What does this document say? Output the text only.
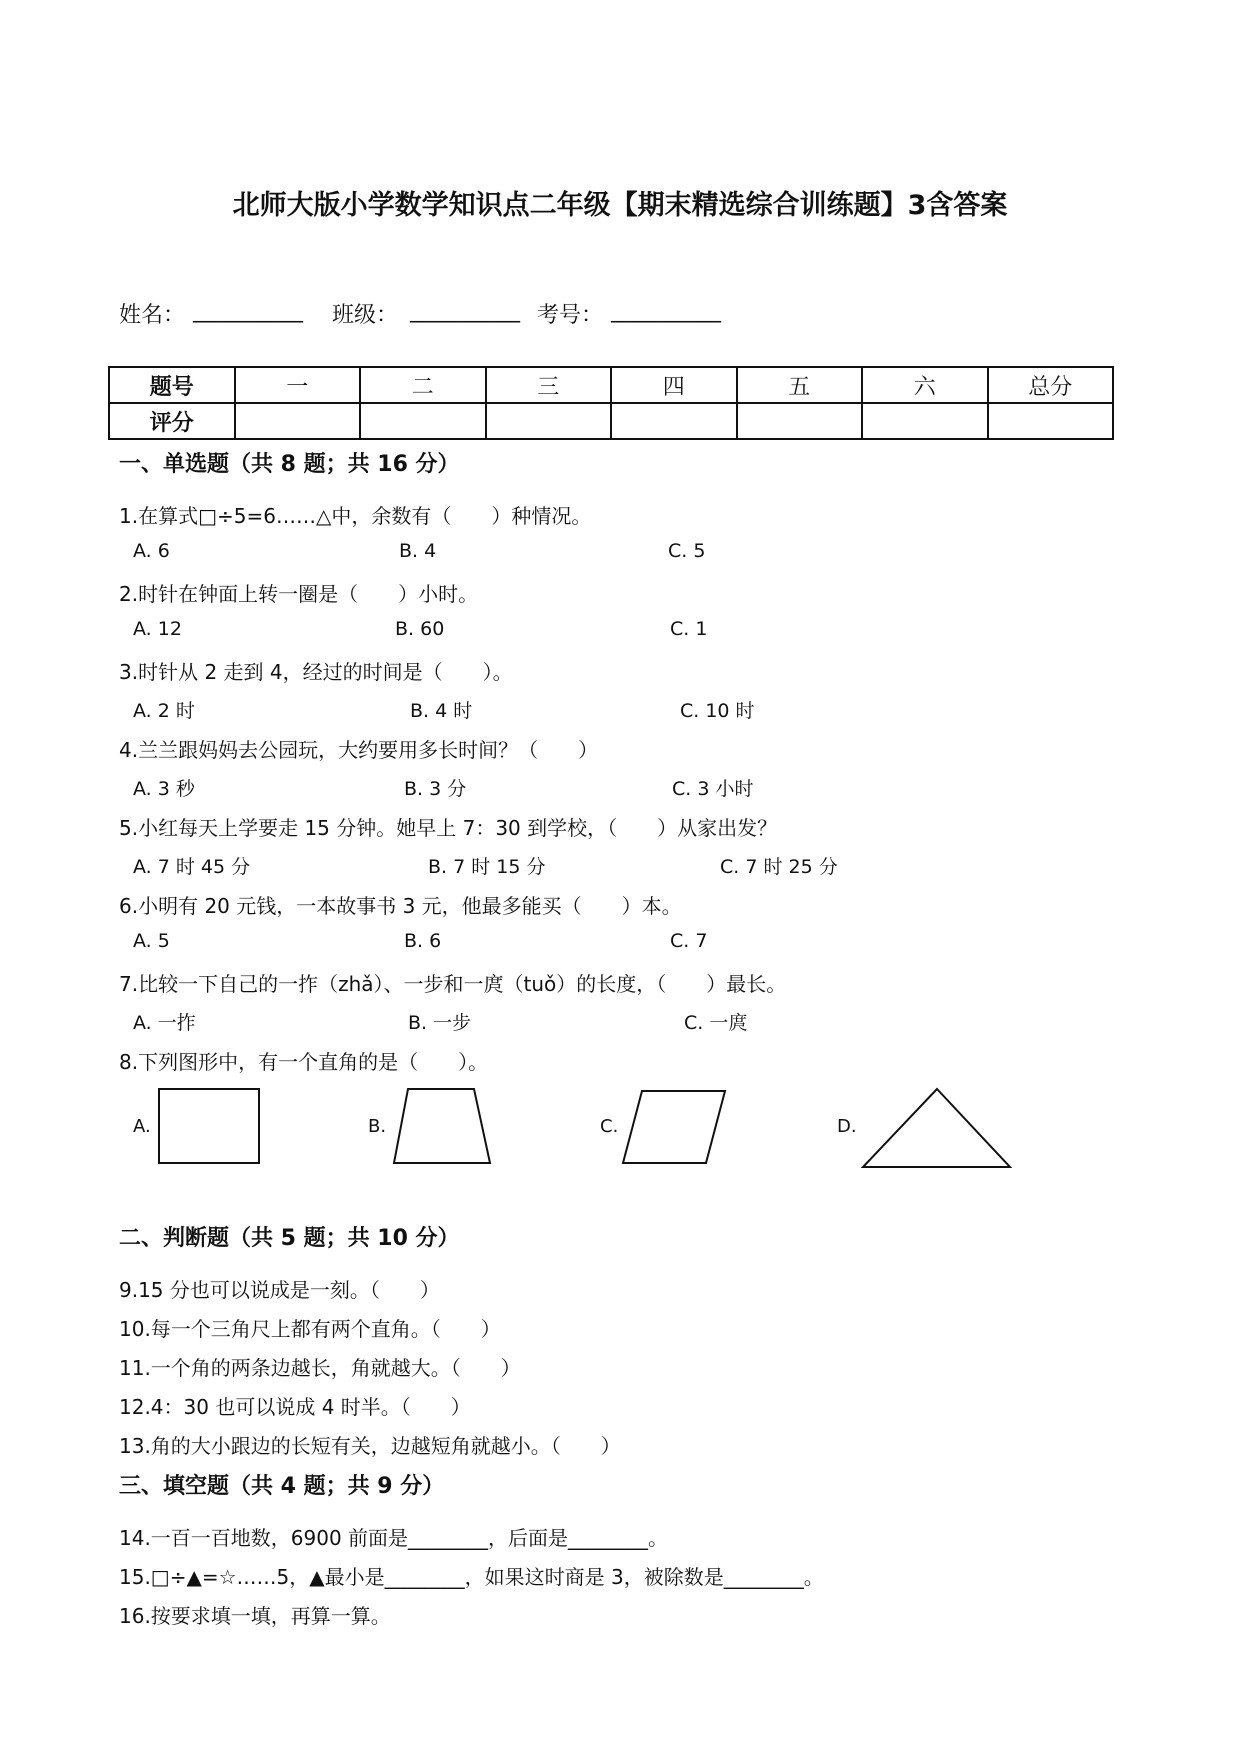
北师大版小学数学知识点二年级【期末精选综合训练题】3含答案
姓名： __________ 班级： __________ 考号： __________
题号	一	二	三	四	五	六	总分
评分							
一、单选题（共 8 题；共 16 分）
1.在算式□÷5=6……△中，余数有（　　）种情况。
A. 6	B. 4	C. 5
2.时针在钟面上转一圈是（　　）小时。
A. 12	B. 60	C. 1
3.时针从 2 走到 4，经过的时间是（　　）。
A. 2 时	B. 4 时	C. 10 时
4.兰兰跟妈妈去公园玩，大约要用多长时间？（　　）
A. 3 秒	B. 3 分	C. 3 小时
5.小红每天上学要走 15 分钟。她早上 7：30 到学校，（　　）从家出发？
A. 7 时 45 分	B. 7 时 15 分	C. 7 时 25 分
6.小明有 20 元钱，一本故事书 3 元，他最多能买（　　）本。
A. 5	B. 6	C. 7
7.比较一下自己的一拃（zhǎ）、一步和一庹（tuǒ）的长度，（　　）最长。
A. 一拃	B. 一步	C. 一庹
8.下列图形中，有一个直角的是（　　）。
A.	B.	C.	D.
二、判断题（共 5 题；共 10 分）
9.15 分也可以说成是一刻。（　　）
10.每一个三角尺上都有两个直角。（　　）
11.一个角的两条边越长，角就越大。（　　）
12.4：30 也可以说成 4 时半。（　　）
13.角的大小跟边的长短有关，边越短角就越小。（　　）
三、填空题（共 4 题；共 9 分）
14.一百一百地数，6900 前面是________，后面是________。
15.□÷▲=☆……5，▲最小是________，如果这时商是 3，被除数是________。
16.按要求填一填，再算一算。
